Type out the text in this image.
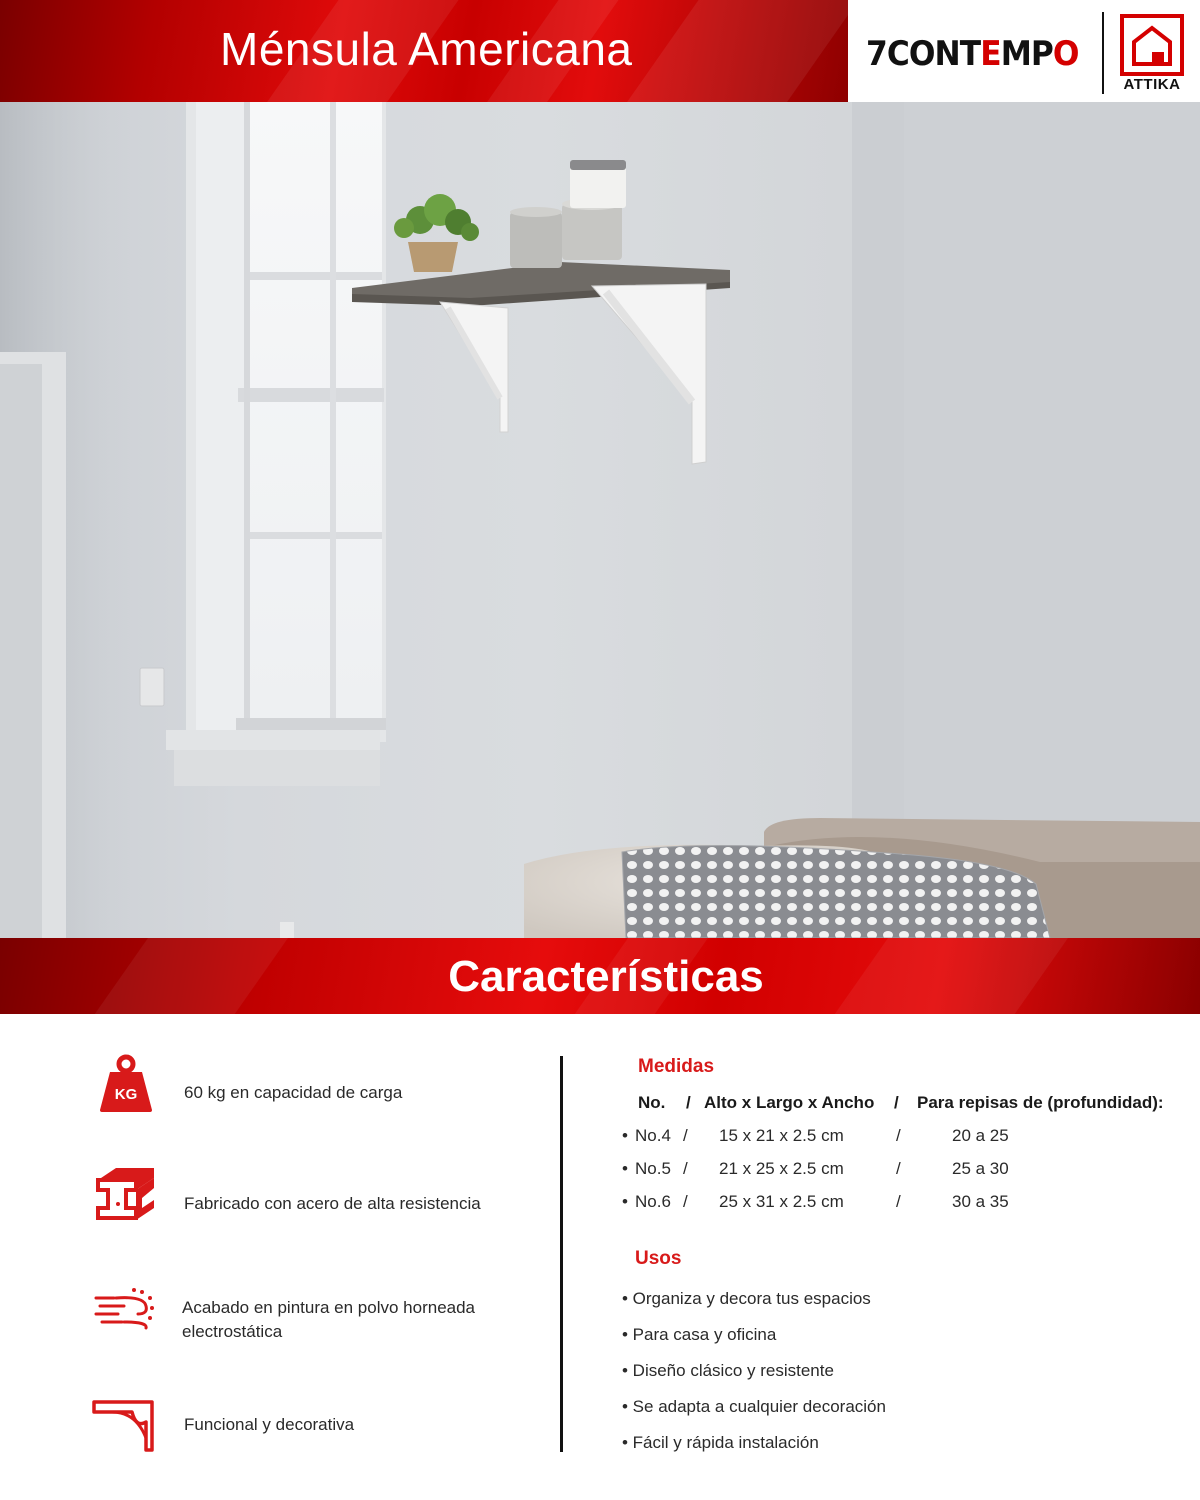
Ménsula Americana	7CONTEMPO
ATTIKA
Características
KG	60 kg en capacidad de carga
Fabricado con acero de alta resistencia
Acabado en pintura en polvo horneada electrostática
Funcional y decorativa
Medidas
No. / Alto x Largo x Ancho / Para repisas de (profundidad):
• No.4 / 15 x 21 x 2.5 cm	/	20 a 25
• No.5 / 21 x 25 x 2.5 cm	/	25 a 30
• No.6 / 25 x 31 x 2.5 cm	/	30 a 35
Usos
• Organiza y decora tus espacios
• Para casa y oficina
• Diseño clásico y resistente
• Se adapta a cualquier decoración
• Fácil y rápida instalación
